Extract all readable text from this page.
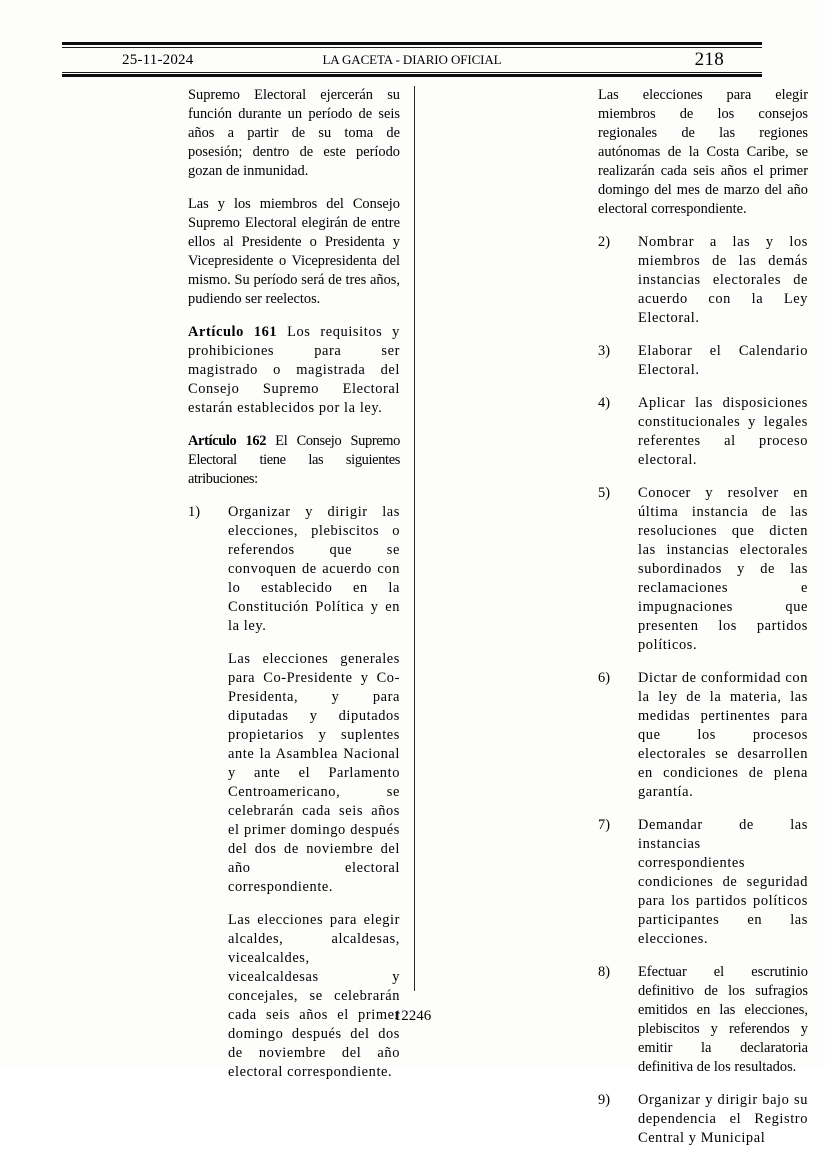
25-11-2024	LA GACETA - DIARIO OFICIAL	218

Supremo Electoral ejercerán su función durante un período de seis años a partir de su toma de posesión; dentro de este período gozan de inmunidad.

Las y los miembros del Consejo Supremo Electoral elegirán de entre ellos al Presidente o Presidenta y Vicepresidente o Vicepresidenta del mismo. Su período será de tres años, pudiendo ser reelectos.

Artículo 161 Los requisitos y prohibiciones para ser magistrado o magistrada del Consejo Supremo Electoral estarán establecidos por la ley.

Artículo 162 El Consejo Supremo Electoral tiene las siguientes atribuciones:

1)	Organizar y dirigir las elecciones, plebiscitos o referendos que se convoquen de acuerdo con lo establecido en la Constitución Política y en la ley.

Las elecciones generales para Co-Presidente y Co-Presidenta, y para diputadas y diputados propietarios y suplentes ante la Asamblea Nacional y ante el Parlamento Centroamericano, se celebrarán cada seis años el primer domingo después del dos de noviembre del año electoral correspondiente.
Las elecciones para elegir alcaldes, alcaldesas, vicealcaldes, vicealcaldesas y concejales, se celebrarán cada seis años el primer domingo después del dos de noviembre del año electoral correspondiente.

Las elecciones para elegir miembros de los consejos regionales de las regiones autónomas de la Costa Caribe, se realizarán cada seis años el primer domingo del mes de marzo del año electoral correspondiente.

2)	Nombrar a las y los miembros de las demás instancias electorales de acuerdo con la Ley Electoral.
3)	Elaborar el Calendario Electoral.
4)	Aplicar las disposiciones constitucionales y legales referentes al proceso electoral.
5)	Conocer y resolver en última instancia de las resoluciones que dicten las instancias electorales subordinados y de las reclamaciones e impugnaciones que presenten los partidos políticos.
6)	Dictar de conformidad con la ley de la materia, las medidas pertinentes para que los procesos electorales se desarrollen en condiciones de plena garantía.
7)	Demandar de las instancias correspondientes condiciones de seguridad para los partidos políticos participantes en las elecciones.
8)	Efectuar el escrutinio definitivo de los sufragios emitidos en las elecciones, plebiscitos y referendos y emitir la declaratoria definitiva de los resultados.
9)	Organizar y dirigir bajo su dependencia el Registro Central y Municipal
12246
